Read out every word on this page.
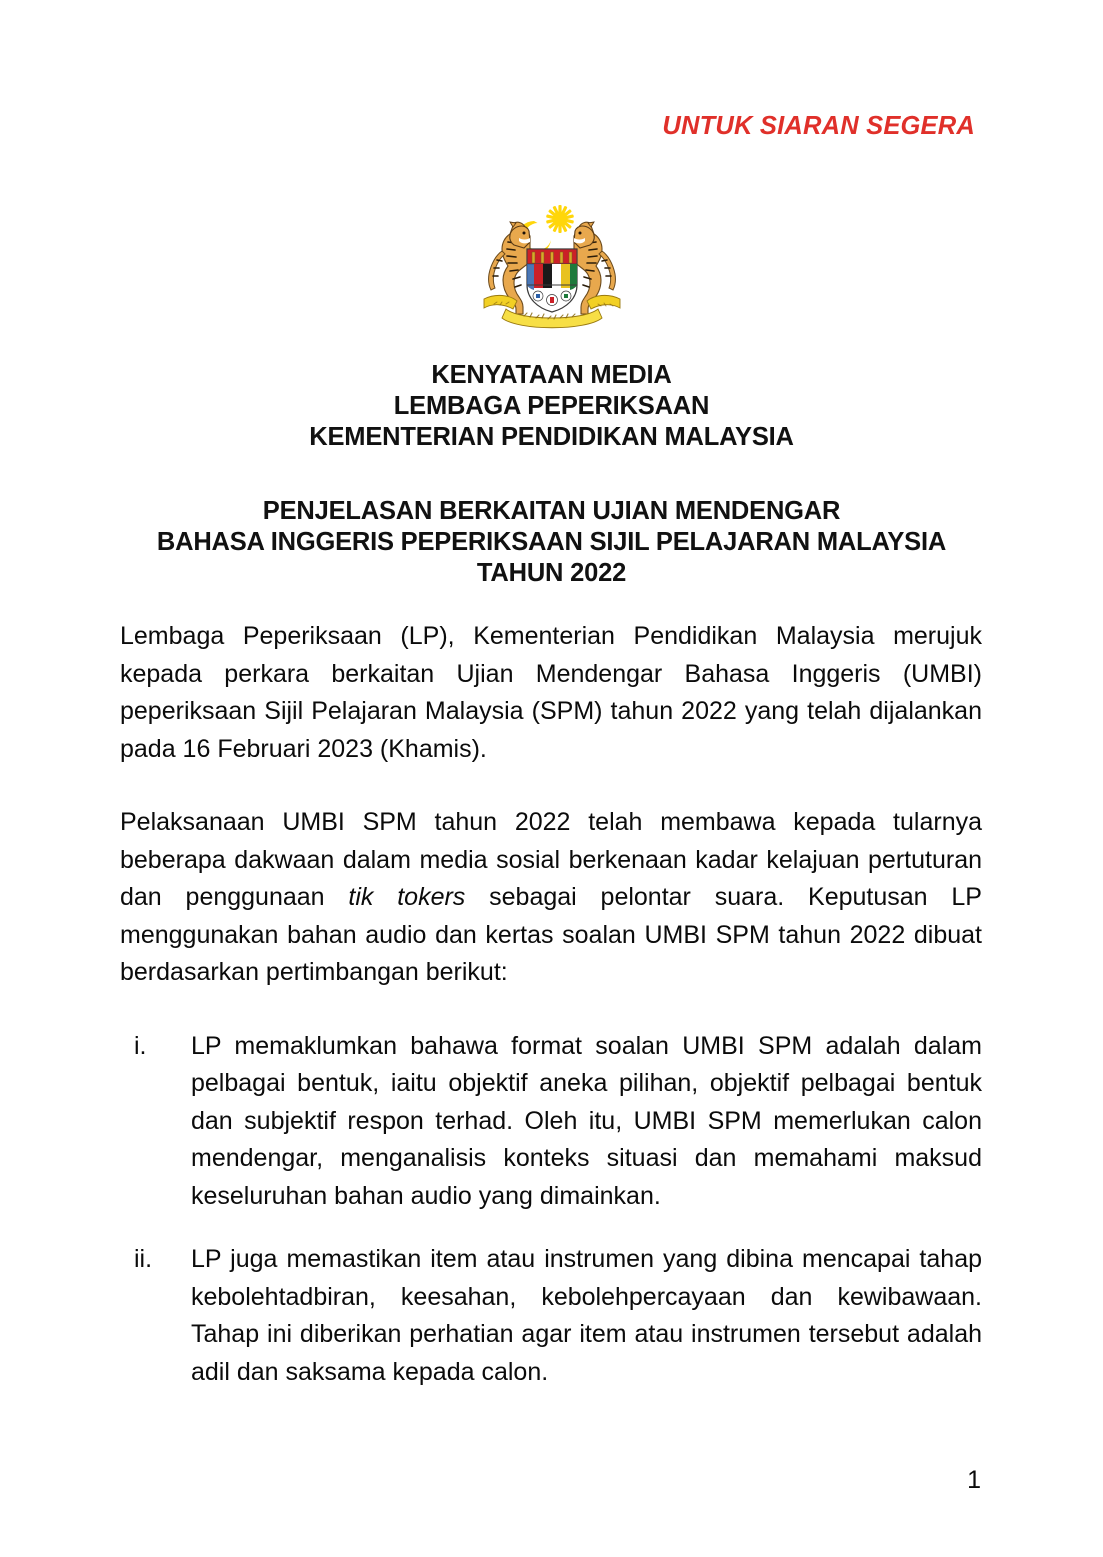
UNTUK SIARAN SEGERA
KENYATAAN MEDIA
LEMBAGA PEPERIKSAAN
KEMENTERIAN PENDIDIKAN MALAYSIA
PENJELASAN BERKAITAN UJIAN MENDENGAR
BAHASA INGGERIS PEPERIKSAAN SIJIL PELAJARAN MALAYSIA
TAHUN 2022

Lembaga Peperiksaan (LP), Kementerian Pendidikan Malaysia merujuk kepada perkara berkaitan Ujian Mendengar Bahasa Inggeris (UMBI) peperiksaan Sijil Pelajaran Malaysia (SPM) tahun 2022 yang telah dijalankan pada 16 Februari 2023 (Khamis).

Pelaksanaan UMBI SPM tahun 2022 telah membawa kepada tularnya beberapa dakwaan dalam media sosial berkenaan kadar kelajuan pertuturan dan penggunaan tik tokers sebagai pelontar suara. Keputusan LP menggunakan bahan audio dan kertas soalan UMBI SPM tahun 2022 dibuat berdasarkan pertimbangan berikut:

i.	LP memaklumkan bahawa format soalan UMBI SPM adalah dalam pelbagai bentuk, iaitu objektif aneka pilihan, objektif pelbagai bentuk dan subjektif respon terhad. Oleh itu, UMBI SPM memerlukan calon mendengar, menganalisis konteks situasi dan memahami maksud keseluruhan bahan audio yang dimainkan.
ii.	LP juga memastikan item atau instrumen yang dibina mencapai tahap kebolehtadbiran, keesahan, kebolehpercayaan dan kewibawaan. Tahap ini diberikan perhatian agar item atau instrumen tersebut adalah adil dan saksama kepada calon.
1
